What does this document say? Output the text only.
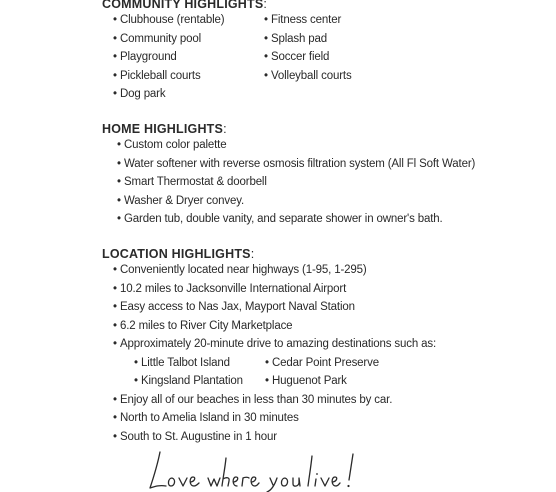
COMMUNITY HIGHLIGHTS:
• Clubhouse (rentable)
• Community pool
• Playground
• Pickleball courts
• Dog park
• Fitness center
• Splash pad
• Soccer field
• Volleyball courts
HOME HIGHLIGHTS:
• Custom color palette
• Water softener with reverse osmosis filtration system (All Fl Soft Water)
• Smart Thermostat & doorbell
• Washer & Dryer convey.
• Garden tub, double vanity, and separate shower in owner's bath.
LOCATION HIGHLIGHTS:
• Conveniently located near highways (1-95, 1-295)
• 10.2 miles to Jacksonville International Airport
• Easy access to Nas Jax, Mayport Naval Station
• 6.2 miles to River City Marketplace
• Approximately 20-minute drive to amazing destinations such as:
• Little Talbot Island
• Kingsland Plantation
• Cedar Point Preserve
• Huguenot Park
• Enjoy all of our beaches in less than 30 minutes by car.
• North to Amelia Island in 30 minutes
• South to St. Augustine in 1 hour
